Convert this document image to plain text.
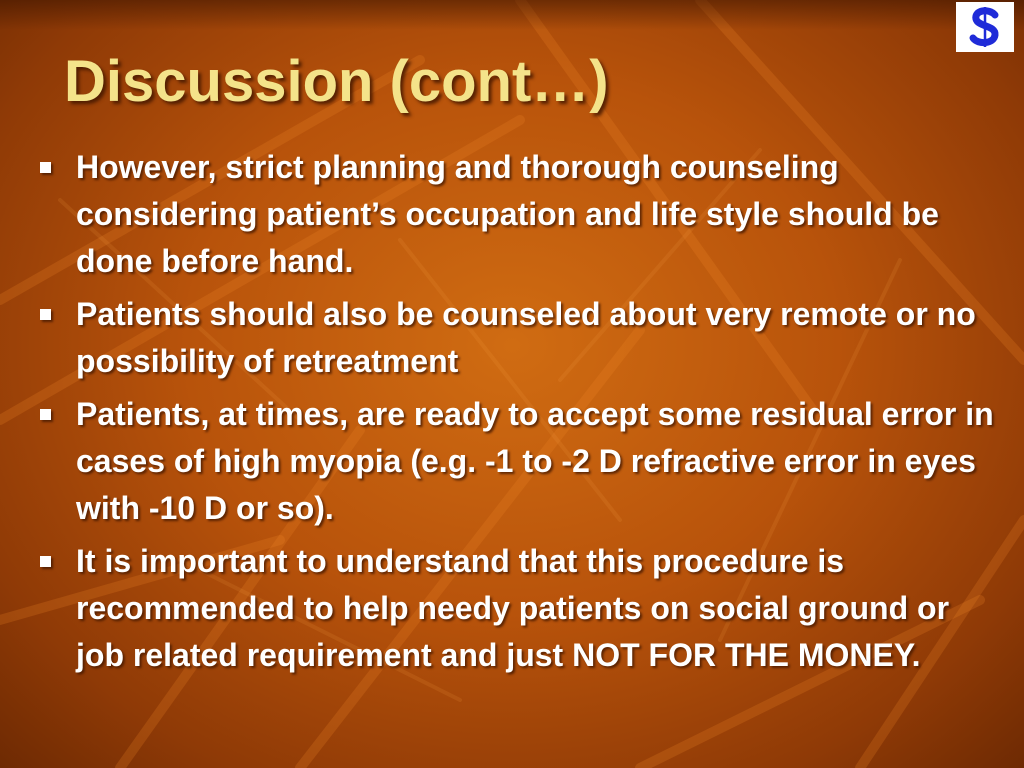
Discussion (cont…)
However, strict planning and thorough counseling considering patient’s occupation and life style should be done before hand.
Patients should also be counseled about very remote or no possibility of retreatment
Patients, at times, are ready to accept some residual error in cases of high myopia (e.g. -1 to -2 D refractive error in eyes with -10 D or so).
It is important to understand that this procedure is recommended to help needy patients on social ground or job related requirement and just NOT FOR THE MONEY.
